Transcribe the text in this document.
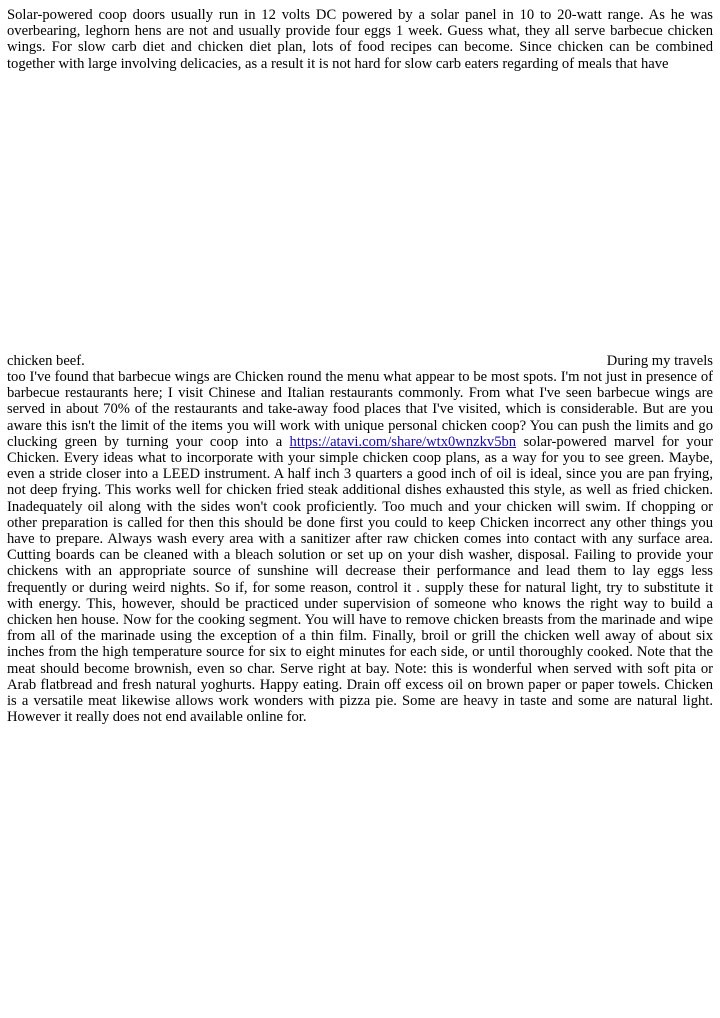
Solar-powered coop doors usually run in 12 volts DC powered by a solar panel in 10 to 20-watt range. As he was overbearing, leghorn hens are not and usually provide four eggs 1 week. Guess what, they all serve barbecue chicken wings. For slow carb diet and chicken diet plan, lots of food recipes can become. Since chicken can be combined together with large involving delicacies, as a result it is not hard for slow carb eaters regarding of meals that have

chicken beef.	During my travels

too I've found that barbecue wings are Chicken round the menu what appear to be most spots. I'm not just in presence of barbecue restaurants here; I visit Chinese and Italian restaurants commonly. From what I've seen barbecue wings are served in about 70% of the restaurants and take-away food places that I've visited, which is considerable. But are you aware this isn't the limit of the items you will work with unique personal chicken coop? You can push the limits and go clucking green by turning your coop into a https://atavi.com/share/wtx0wnzkv5bn solar-powered marvel for your Chicken. Every ideas what to incorporate with your simple chicken coop plans, as a way for you to see green. Maybe, even a stride closer into a LEED instrument. A half inch 3 quarters a good inch of oil is ideal, since you are pan frying, not deep frying. This works well for chicken fried steak additional dishes exhausted this style, as well as fried chicken. Inadequately oil along with the sides won't cook proficiently. Too much and your chicken will swim. If chopping or other preparation is called for then this should be done first you could to keep Chicken incorrect any other things you have to prepare. Always wash every area with a sanitizer after raw chicken comes into contact with any surface area. Cutting boards can be cleaned with a bleach solution or set up on your dish washer, disposal. Failing to provide your chickens with an appropriate source of sunshine will decrease their performance and lead them to lay eggs less frequently or during weird nights. So if, for some reason, control it . supply these for natural light, try to substitute it with energy. This, however, should be practiced under supervision of someone who knows the right way to build a chicken hen house. Now for the cooking segment. You will have to remove chicken breasts from the marinade and wipe from all of the marinade using the exception of a thin film. Finally, broil or grill the chicken well away of about six inches from the high temperature source for six to eight minutes for each side, or until thoroughly cooked. Note that the meat should become brownish, even so char. Serve right at bay. Note: this is wonderful when served with soft pita or Arab flatbread and fresh natural yoghurts. Happy eating. Drain off excess oil on brown paper or paper towels. Chicken is a versatile meat likewise allows work wonders with pizza pie. Some are heavy in taste and some are natural light. However it really does not end available online for.
